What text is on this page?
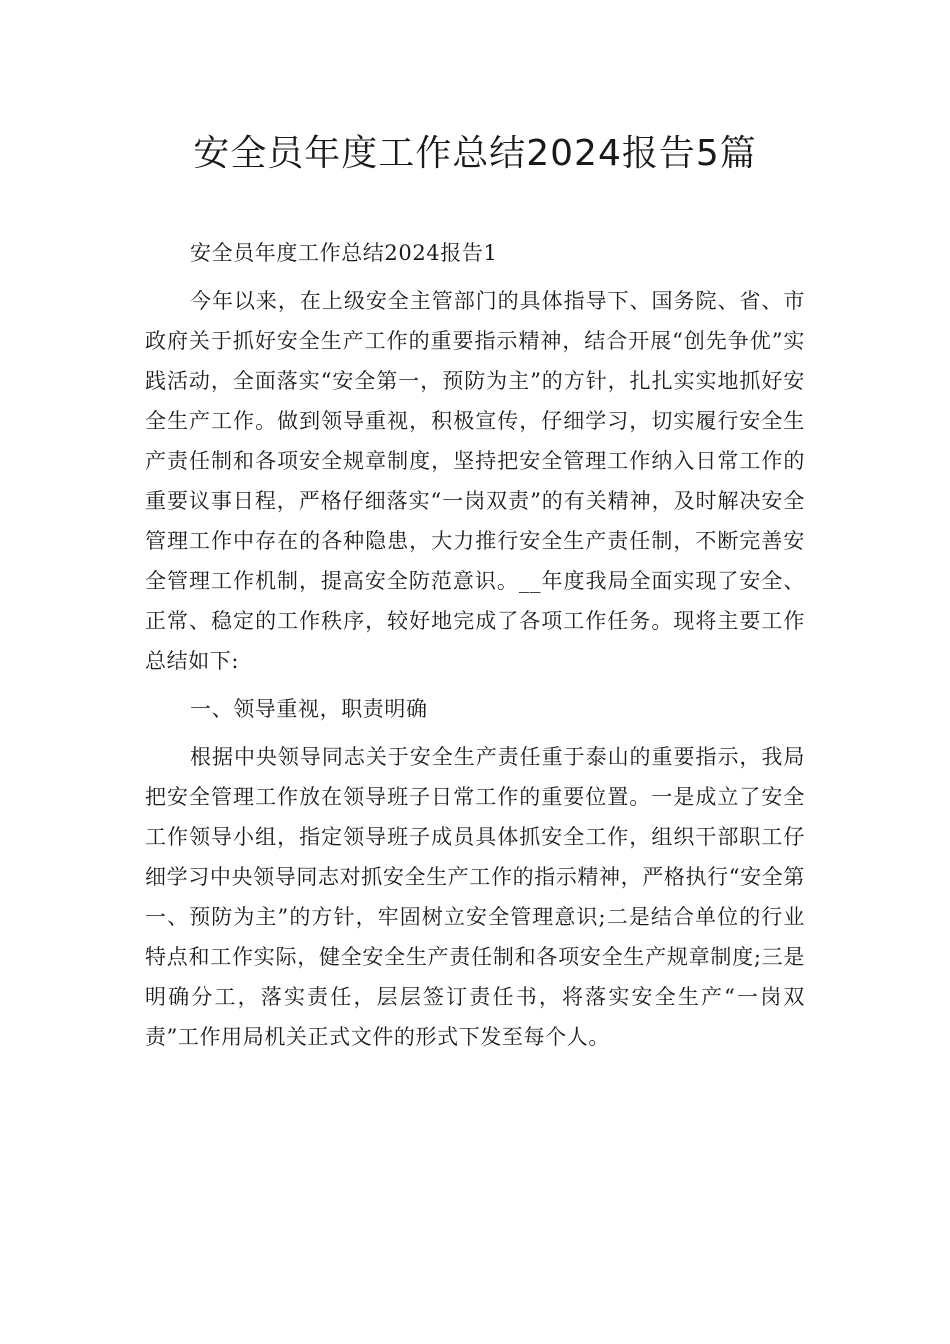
安全员年度工作总结2024报告5篇

安全员年度工作总结2024报告1

今年以来，在上级安全主管部门的具体指导下、国务院、省、市政府关于抓好安全生产工作的重要指示精神，结合开展“创先争优”实践活动，全面落实“安全第一，预防为主”的方针，扎扎实实地抓好安全生产工作。做到领导重视，积极宣传，仔细学习，切实履行安全生产责任制和各项安全规章制度，坚持把安全管理工作纳入日常工作的重要议事日程，严格仔细落实“一岗双责”的有关精神，及时解决安全管理工作中存在的各种隐患，大力推行安全生产责任制，不断完善安全管理工作机制，提高安全防范意识。__年度我局全面实现了安全、正常、稳定的工作秩序，较好地完成了各项工作任务。现将主要工作总结如下:

一、领导重视，职责明确

根据中央领导同志关于安全生产责任重于泰山的重要指示，我局把安全管理工作放在领导班子日常工作的重要位置。一是成立了安全工作领导小组，指定领导班子成员具体抓安全工作，组织干部职工仔细学习中央领导同志对抓安全生产工作的指示精神，严格执行“安全第一、预防为主”的方针，牢固树立安全管理意识;二是结合单位的行业特点和工作实际，健全安全生产责任制和各项安全生产规章制度;三是明确分工，落实责任，层层签订责任书，将落实安全生产“一岗双责”工作用局机关正式文件的形式下发至每个人。
